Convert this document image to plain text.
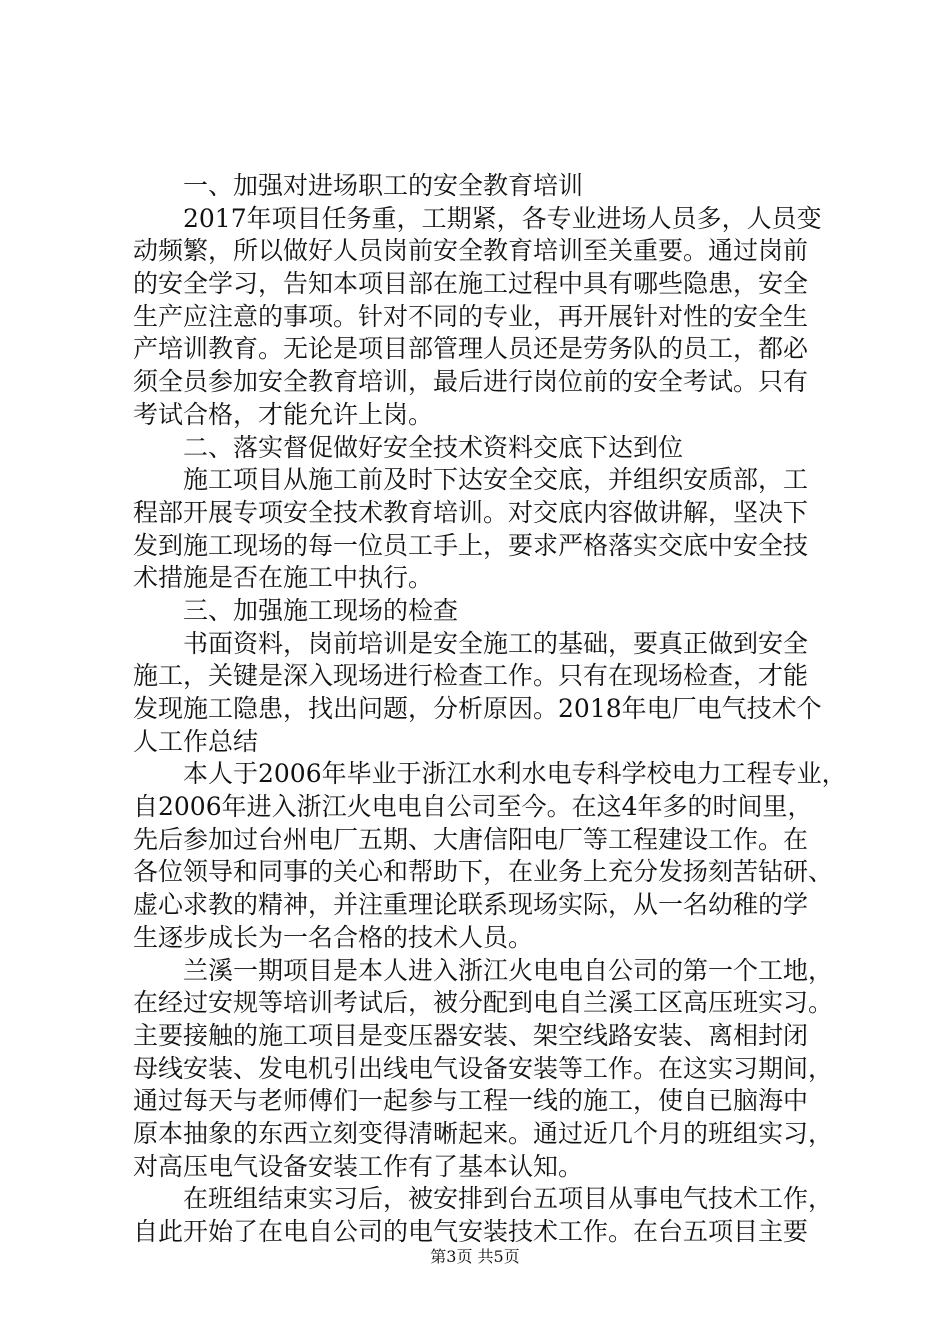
　　一、加强对进场职工的安全教育培训
　　2017年项目任务重，工期紧，各专业进场人员多，人员变
动频繁，所以做好人员岗前安全教育培训至关重要。通过岗前
的安全学习，告知本项目部在施工过程中具有哪些隐患，安全
生产应注意的事项。针对不同的专业，再开展针对性的安全生
产培训教育。无论是项目部管理人员还是劳务队的员工，都必
须全员参加安全教育培训，最后进行岗位前的安全考试。只有
考试合格，才能允许上岗。
　　二、落实督促做好安全技术资料交底下达到位
　　施工项目从施工前及时下达安全交底，并组织安质部，工
程部开展专项安全技术教育培训。对交底内容做讲解，坚决下
发到施工现场的每一位员工手上，要求严格落实交底中安全技
术措施是否在施工中执行。
　　三、加强施工现场的检查
　　书面资料，岗前培训是安全施工的基础，要真正做到安全
施工，关键是深入现场进行检查工作。只有在现场检查，才能
发现施工隐患，找出问题，分析原因。2018年电厂电气技术个
人工作总结
　　本人于2006年毕业于浙江水利水电专科学校电力工程专业，
自2006年进入浙江火电电自公司至今。在这4年多的时间里，
先后参加过台州电厂五期、大唐信阳电厂等工程建设工作。在
各位领导和同事的关心和帮助下，在业务上充分发扬刻苦钻研、
虚心求教的精神，并注重理论联系现场实际，从一名幼稚的学
生逐步成长为一名合格的技术人员。
　　兰溪一期项目是本人进入浙江火电电自公司的第一个工地，
在经过安规等培训考试后，被分配到电自兰溪工区高压班实习。
主要接触的施工项目是变压器安装、架空线路安装、离相封闭
母线安装、发电机引出线电气设备安装等工作。在这实习期间，
通过每天与老师傅们一起参与工程一线的施工，使自已脑海中
原本抽象的东西立刻变得清晰起来。通过近几个月的班组实习，
对高压电气设备安装工作有了基本认知。
　　在班组结束实习后，被安排到台五项目从事电气技术工作，
自此开始了在电自公司的电气安装技术工作。在台五项目主要
第3页 共5页
